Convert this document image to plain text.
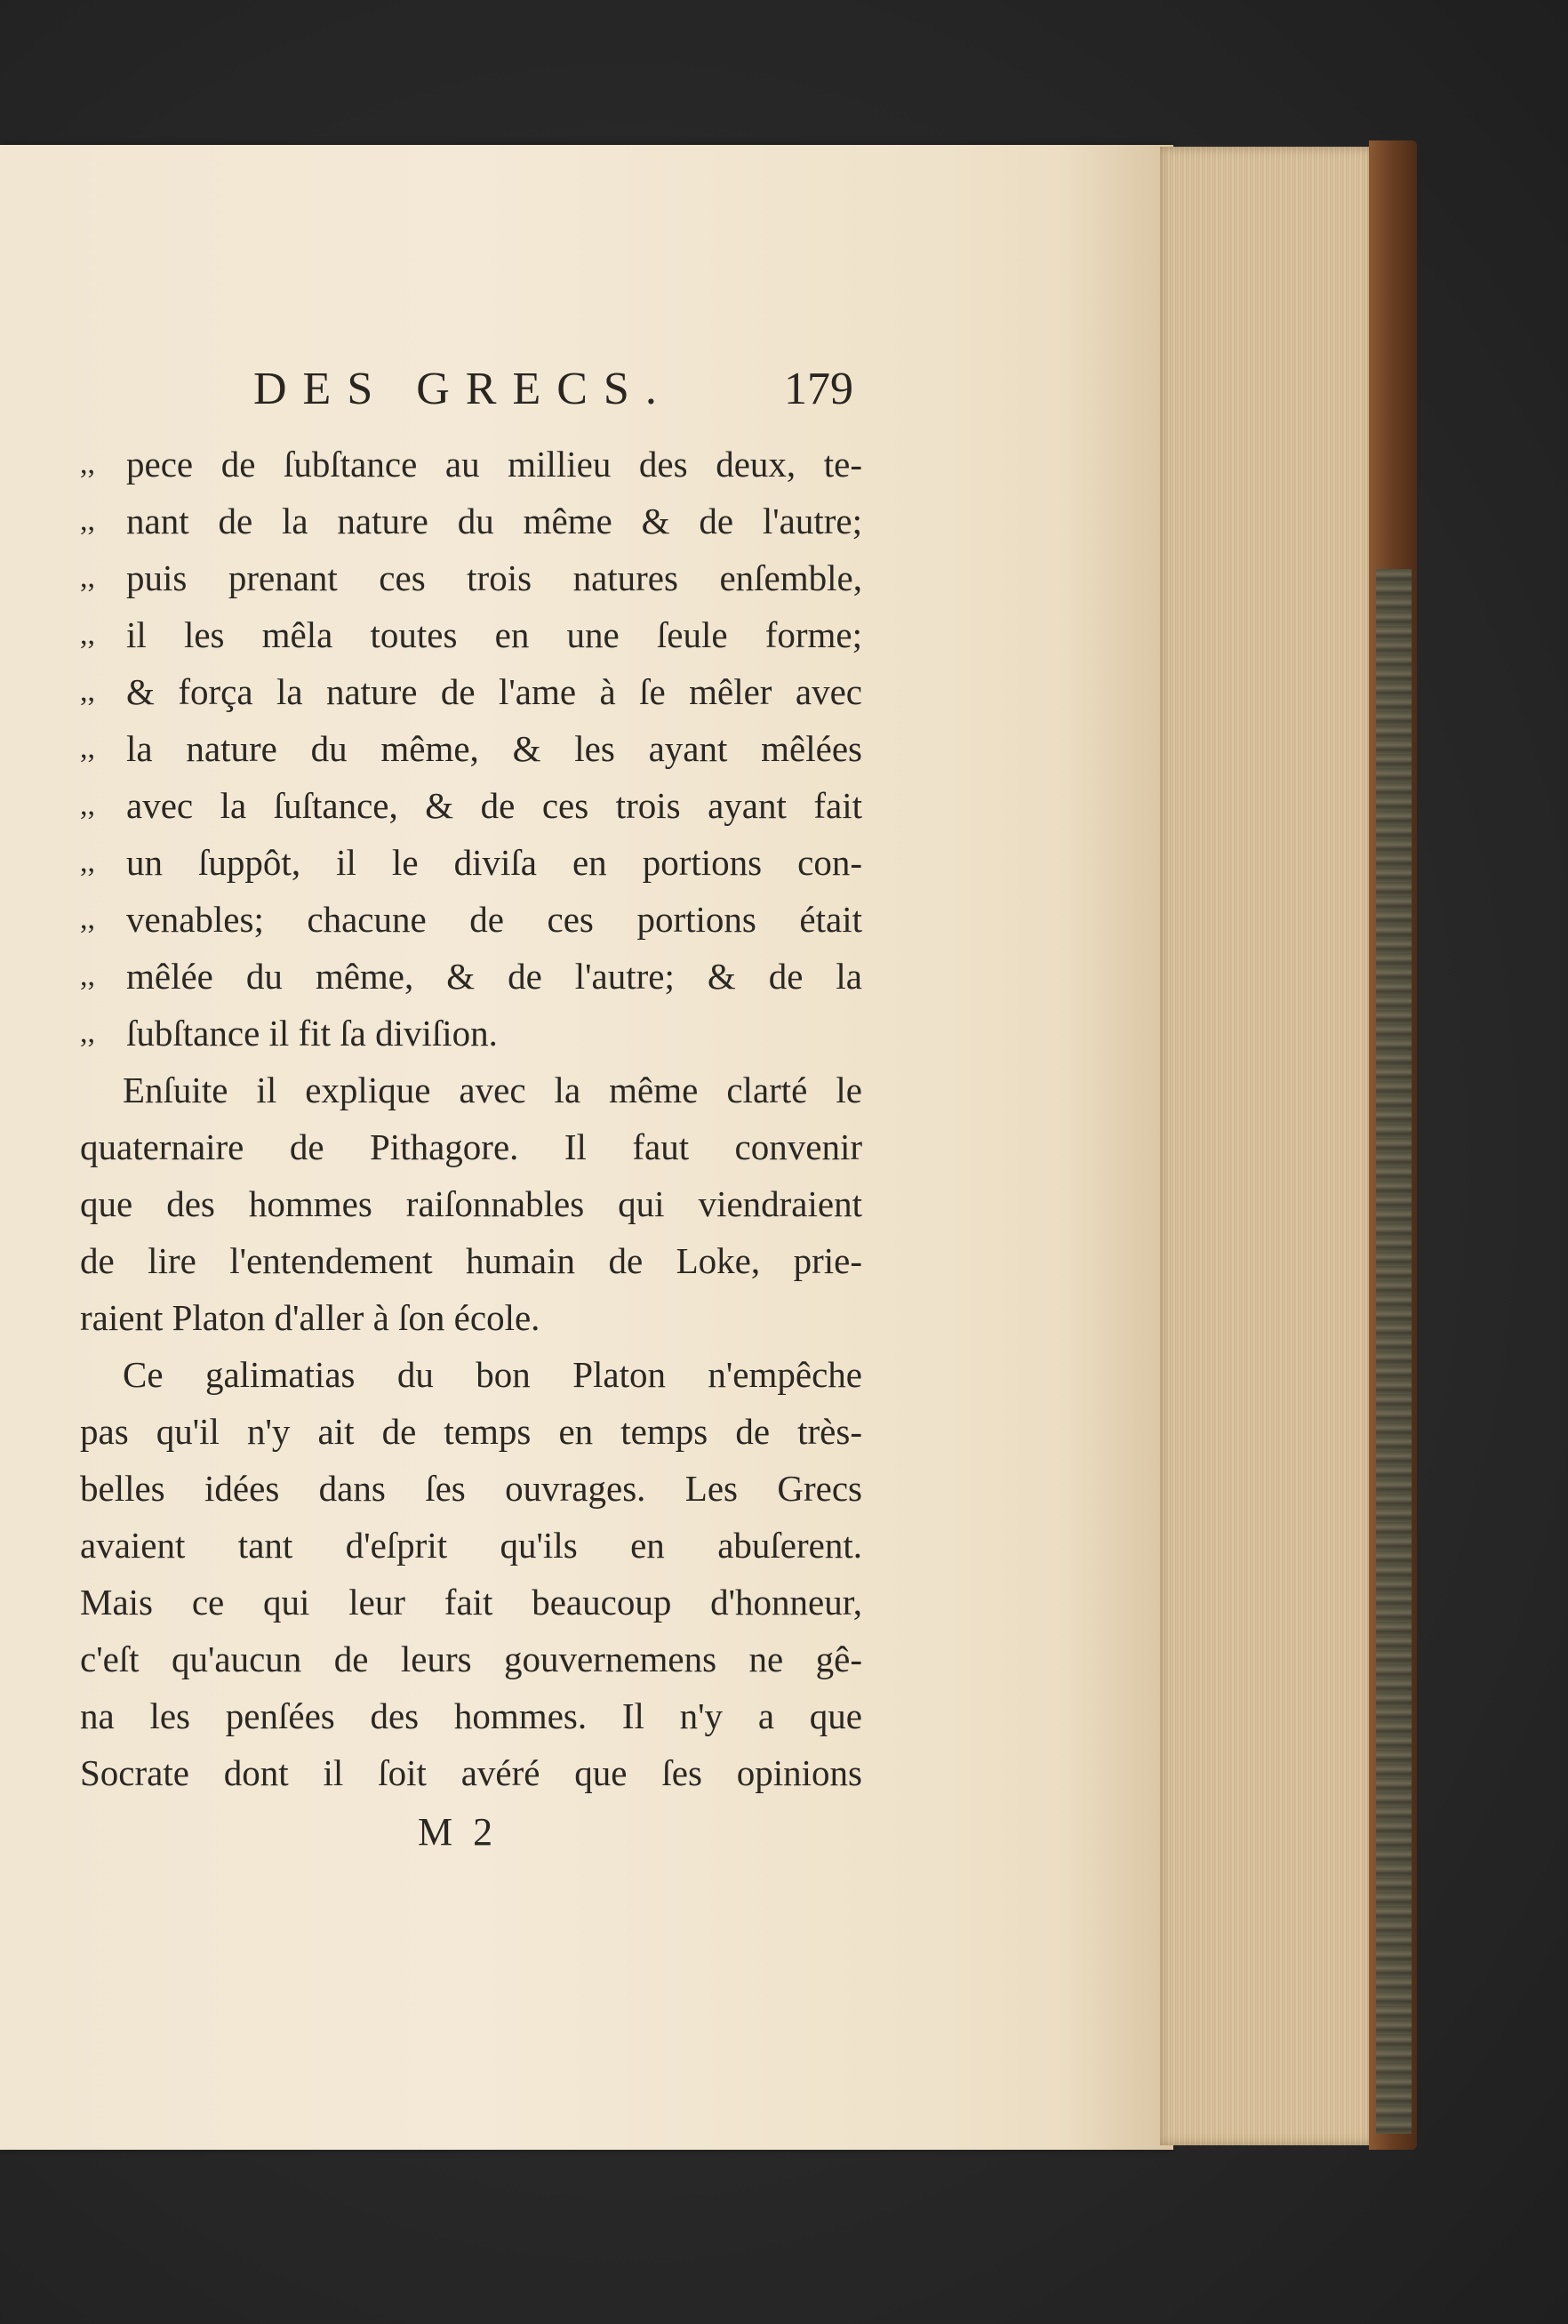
DES GRECS. 179
,, pece de ſubſtance au millieu des deux, te-
,, nant de la nature du même & de l'autre;
,, puis prenant ces trois natures enſemble,
,, il les mêla toutes en une ſeule forme;
,, & força la nature de l'ame à ſe mêler avec
,, la nature du même, & les ayant mêlées
,, avec la ſuſtance, & de ces trois ayant fait
,, un ſuppôt, il le diviſa en portions con-
,, venables; chacune de ces portions était
,, mêlée du même, & de l'autre; & de la
,, ſubſtance il fit ſa diviſion.
Enſuite il explique avec la même clarté le
quaternaire de Pithagore. Il faut convenir
que des hommes raiſonnables qui viendraient
de lire l'entendement humain de Loke, prie-
raient Platon d'aller à ſon école.
Ce galimatias du bon Platon n'empêche
pas qu'il n'y ait de temps en temps de très-
belles idées dans ſes ouvrages. Les Grecs
avaient tant d'eſprit qu'ils en abuſerent.
Mais ce qui leur fait beaucoup d'honneur,
c'eſt qu'aucun de leurs gouvernemens ne gê-
na les penſées des hommes. Il n'y a que
Socrate dont il ſoit avéré que ſes opinions
M 2
